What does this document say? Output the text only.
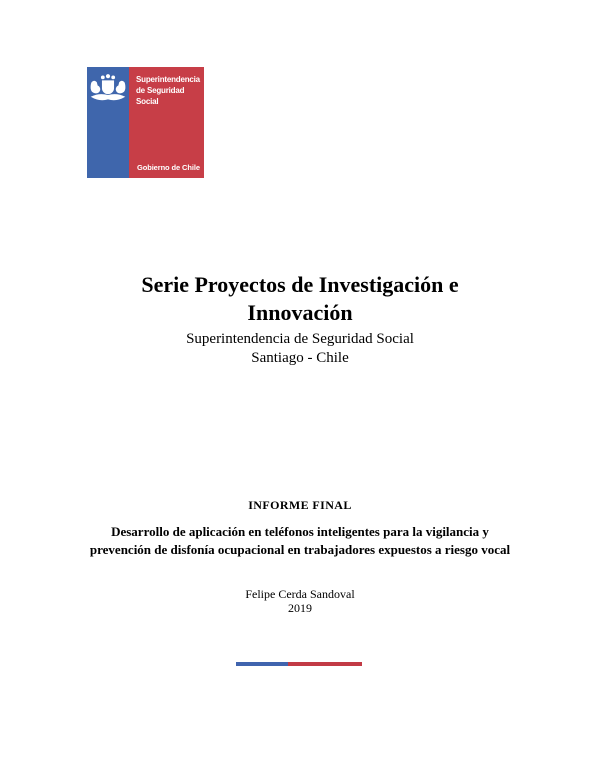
Superintendencia
de Seguridad
Social
Gobierno de Chile
Serie Proyectos de Investigación e
Innovación
Superintendencia de Seguridad Social
Santiago - Chile
INFORME FINAL
Desarrollo de aplicación en teléfonos inteligentes para la vigilancia y
prevención de disfonía ocupacional en trabajadores expuestos a riesgo vocal
Felipe Cerda Sandoval
2019
